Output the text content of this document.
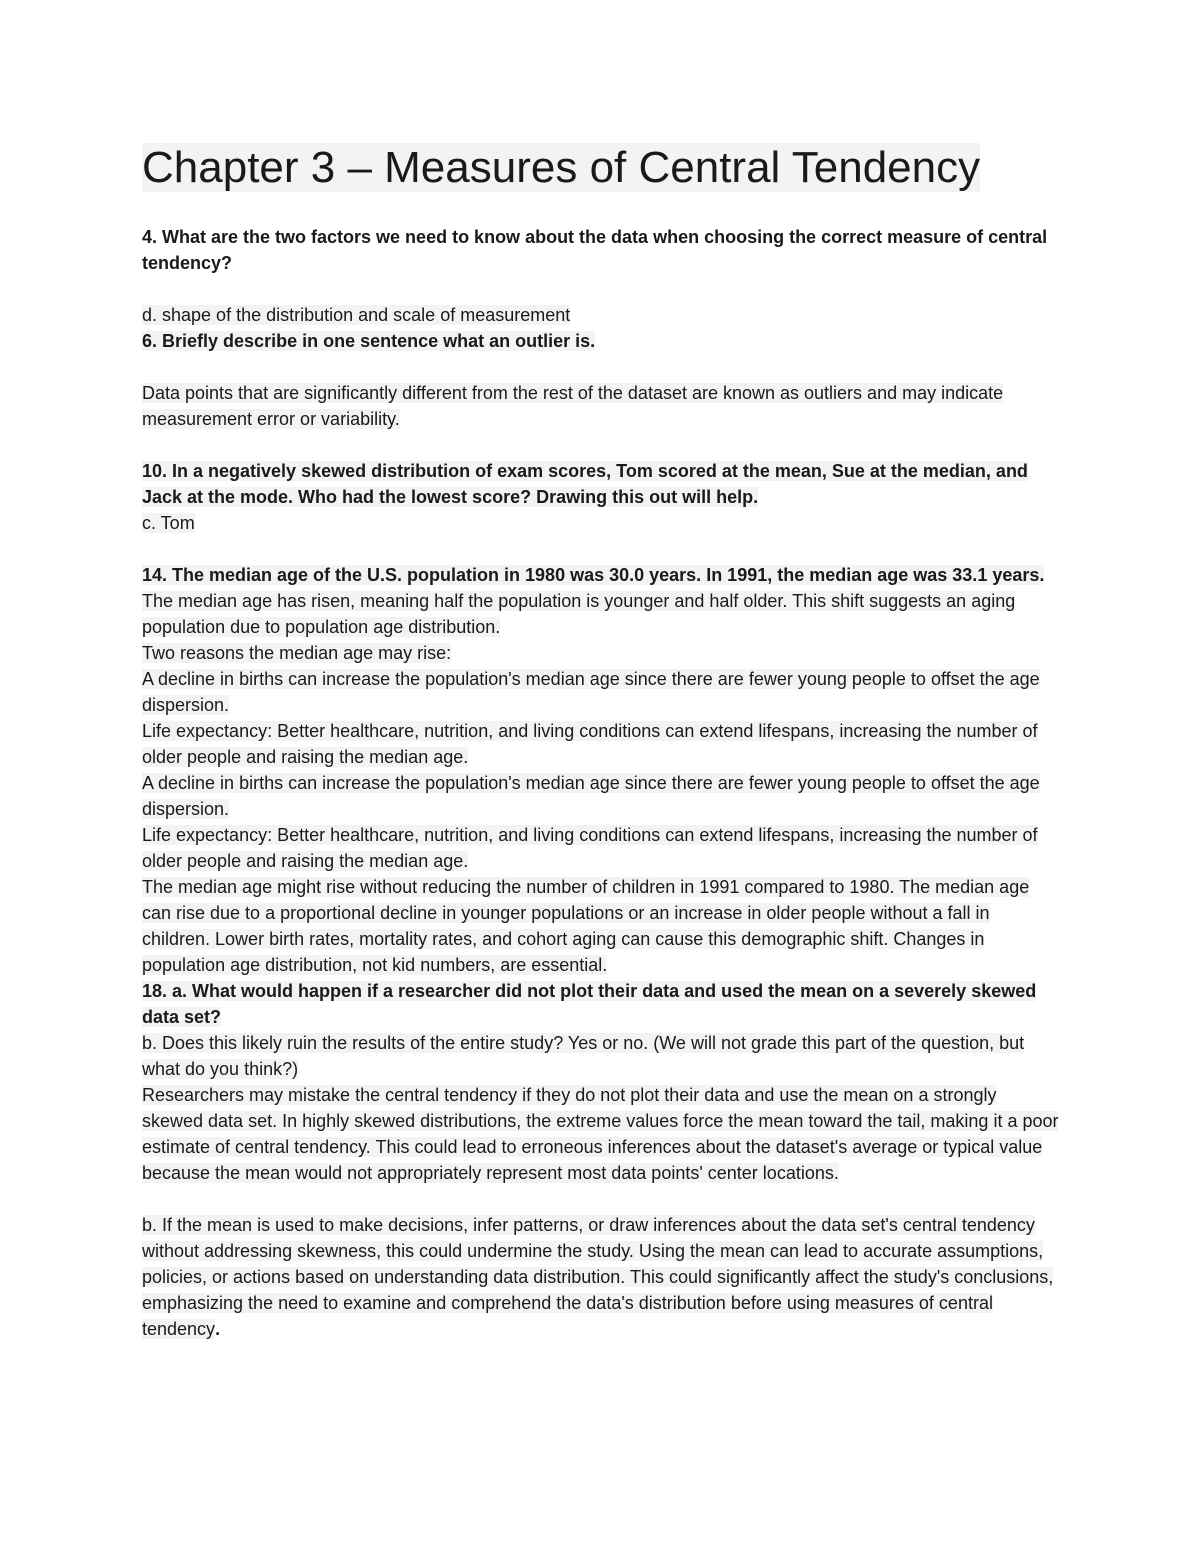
Chapter 3 – Measures of Central Tendency

4. What are the two factors we need to know about the data when choosing the correct measure of central tendency?

d. shape of the distribution and scale of measurement

6. Briefly describe in one sentence what an outlier is.

Data points that are significantly different from the rest of the dataset are known as outliers and may indicate measurement error or variability.

10. In a negatively skewed distribution of exam scores, Tom scored at the mean, Sue at the median, and Jack at the mode. Who had the lowest score? Drawing this out will help.

c. Tom

14. The median age of the U.S. population in 1980 was 30.0 years. In 1991, the median age was 33.1 years.

The median age has risen, meaning half the population is younger and half older. This shift suggests an aging population due to population age distribution.

Two reasons the median age may rise:

A decline in births can increase the population's median age since there are fewer young people to offset the age dispersion.

Life expectancy: Better healthcare, nutrition, and living conditions can extend lifespans, increasing the number of older people and raising the median age.

A decline in births can increase the population's median age since there are fewer young people to offset the age dispersion.

Life expectancy: Better healthcare, nutrition, and living conditions can extend lifespans, increasing the number of older people and raising the median age.

The median age might rise without reducing the number of children in 1991 compared to 1980. The median age can rise due to a proportional decline in younger populations or an increase in older people without a fall in children. Lower birth rates, mortality rates, and cohort aging can cause this demographic shift. Changes in population age distribution, not kid numbers, are essential.

18. a. What would happen if a researcher did not plot their data and used the mean on a severely skewed data set?

b. Does this likely ruin the results of the entire study? Yes or no. (We will not grade this part of the question, but what do you think?)

Researchers may mistake the central tendency if they do not plot their data and use the mean on a strongly skewed data set. In highly skewed distributions, the extreme values force the mean toward the tail, making it a poor estimate of central tendency. This could lead to erroneous inferences about the dataset's average or typical value because the mean would not appropriately represent most data points' center locations.

b. If the mean is used to make decisions, infer patterns, or draw inferences about the data set's central tendency without addressing skewness, this could undermine the study. Using the mean can lead to accurate assumptions, policies, or actions based on understanding data distribution. This could significantly affect the study's conclusions, emphasizing the need to examine and comprehend the data's distribution before using measures of central tendency.
